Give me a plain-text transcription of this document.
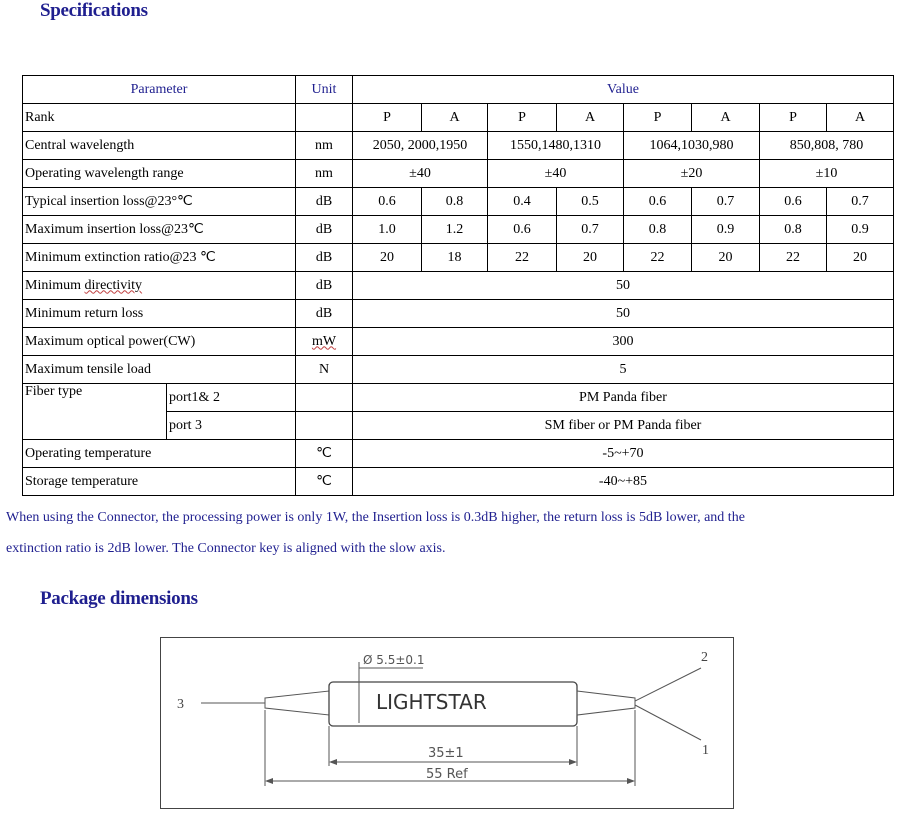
Specifications
Parameter		Unit	Value							
Rank			P	A	P	A	P	A	P	A
Central wavelength		nm	2050, 2000,1950		1550,1480,1310		1064,1030,980		850,808, 780	
Operating wavelength range		nm	±40		±40		±20		±10	
Typical insertion loss@23°℃		dB	0.6	0.8	0.4	0.5	0.6	0.7	0.6	0.7
Maximum insertion loss@23℃		dB	1.0	1.2	0.6	0.7	0.8	0.9	0.8	0.9
Minimum extinction ratio@23 ℃		dB	20	18	22	20	22	20	22	20
Minimum directivity		dB	50							
Minimum return loss		dB	50							
Maximum optical power(CW)		mW	300							
Maximum tensile load		N	5							
Fiber type	port1& 2		PM Panda fiber							
	port 3		SM fiber or PM Panda fiber							
Operating temperature		℃	-5~+70							
Storage temperature		℃	-40~+85							
When using the Connector, the processing power is only 1W, the Insertion loss is 0.3dB higher, the return loss is 5dB lower, and the
extinction ratio is 2dB lower. The Connector key is aligned with the slow axis.
Package dimensions
Ø 5.5±0.1
LIGHTSTAR
35±1
55 Ref
3
2
1
